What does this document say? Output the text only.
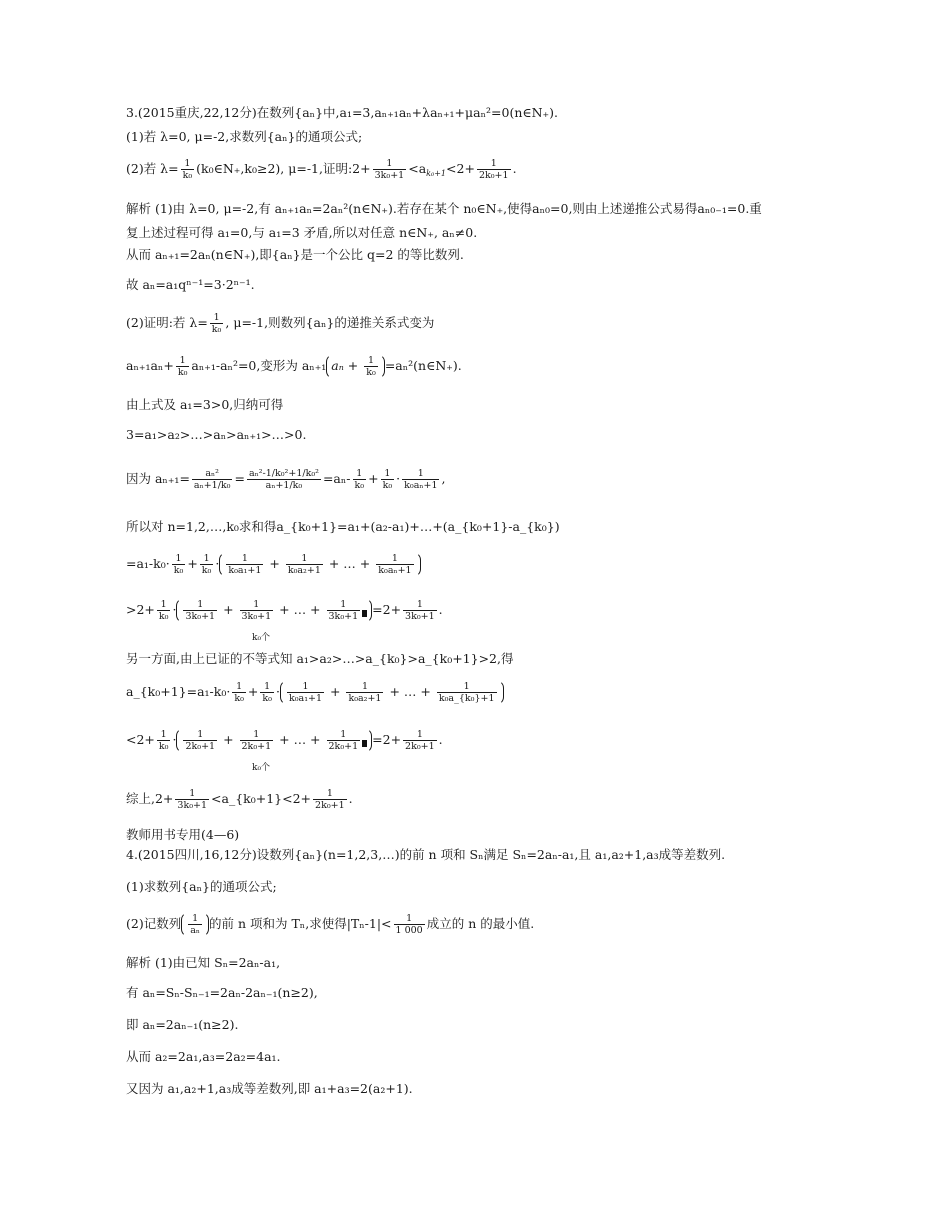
3.(2015重庆,22,12分)在数列{aₙ}中,a₁=3,aₙ₊₁aₙ+λaₙ₊₁+μaₙ²=0(n∈N₊).
(1)若 λ=0, μ=-2,求数列{aₙ}的通项公式;
(2)若 $\lambda= \frac{1}{\text{k₀}}$ (k₀∈N₊,k₀≥2), μ=-1,证明:2+ $\frac{1}{\text{3k₀+1}} <a_{k_0+1}<2+ \frac{1}{\text{2k₀+1}}$ .
解析 (1)由 λ=0, μ=-2,有 aₙ₊₁aₙ=2aₙ²(n∈N₊).若存在某个 n₀∈N₊,使得aₙ₀=0,则由上述递推公式易得aₙ₀₋₁=0.重
复上述过程可得 a₁=0,与 a₁=3 矛盾,所以对任意 n∈N₊, aₙ≠0.
从而 aₙ₊₁=2aₙ(n∈N₊),即{aₙ}是一个公比 q=2 的等比数列.
故 aₙ=a₁qⁿ⁻¹=3·2ⁿ⁻¹.
(2)证明:若 $\lambda= \frac{1}{\text{k₀}}$ , μ=-1,则数列{aₙ}的递推关系式变为
$a_{n+1}a_n+ \frac{1}{\text{k₀}} a_{n+1}-a_n^2=0$,变形为 aₙ₊₁ $a_n + \frac{1}{\text{k₀}}$ =aₙ²(n∈N₊).
由上式及 a₁=3>0,归纳可得
3=a₁>a₂>…>aₙ>aₙ₊₁>…>0.
因为 $a_{n+1}= \frac{\text{aₙ²}}{\text{aₙ+1/k₀}} = \frac{\text{aₙ²-1/k₀²+1/k₀²}}{\text{aₙ+1/k₀}} =a_n- \frac{1}{\text{k₀}} + \frac{1}{\text{k₀}} \cdot \frac{1}{\text{k₀aₙ+1}}$ ,
所以对 n=1,2,…,k₀求和得a_{k₀+1}=a₁+(a₂-a₁)+…+(a_{k₀+1}-a_{k₀})
$=a_1-k_0\cdot \frac{1}{\text{k₀}} + \frac{1}{\text{k₀}} \cdot \frac{1}{\text{k₀a₁+1}} + \frac{1}{\text{k₀a₂+1}}$ + … + $\frac{1}{\text{k₀aₙ+1}}$
$>2+ \frac{1}{\text{k₀}} \cdot \frac{1}{\text{3k₀+1}} + \frac{1}{\text{3k₀+1}}$ + … + $\frac{1}{\text{3k₀+1}} =2+ \frac{1}{\text{3k₀+1}}$ .
k₀个
另一方面,由上已证的不等式知 a₁>a₂>…>a_{k₀}>a_{k₀+1}>2,得
a_{k₀+1}=a₁-k₀· $\frac{1}{\text{k₀}} + \frac{1}{\text{k₀}} \cdot \frac{1}{\text{k₀a₁+1}} + \frac{1}{\text{k₀a₂+1}}$ + … + $\frac{1}{\text{k₀a\_\{k₀\}+1}}$
$<2+ \frac{1}{\text{k₀}} \cdot \frac{1}{\text{2k₀+1}} + \frac{1}{\text{2k₀+1}}$ + … + $\frac{1}{\text{2k₀+1}} =2+ \frac{1}{\text{2k₀+1}}$ .
k₀个
综上$,2+ \frac{1}{\text{3k₀+1}}$ <a_{k₀+1}<2+ $\frac{1}{\text{2k₀+1}}$ .
教师用书专用(4—6)
4.(2015四川,16,12分)设数列{aₙ}(n=1,2,3,…)的前 n 项和 Sₙ满足 Sₙ=2aₙ-a₁,且 a₁,a₂+1,a₃成等差数列.
(1)求数列{aₙ}的通项公式;
(2)记数列 $\frac{1}{\text{aₙ}}$ 的前 n 项和为 Tₙ,求使得$|T_n-1|< \frac{1}{1 000}$ 成立的 n 的最小值.
解析 (1)由已知 Sₙ=2aₙ-a₁,
有 aₙ=Sₙ-Sₙ₋₁=2aₙ-2aₙ₋₁(n≥2),
即 aₙ=2aₙ₋₁(n≥2).
从而 a₂=2a₁,a₃=2a₂=4a₁.
又因为 a₁,a₂+1,a₃成等差数列,即 a₁+a₃=2(a₂+1).
